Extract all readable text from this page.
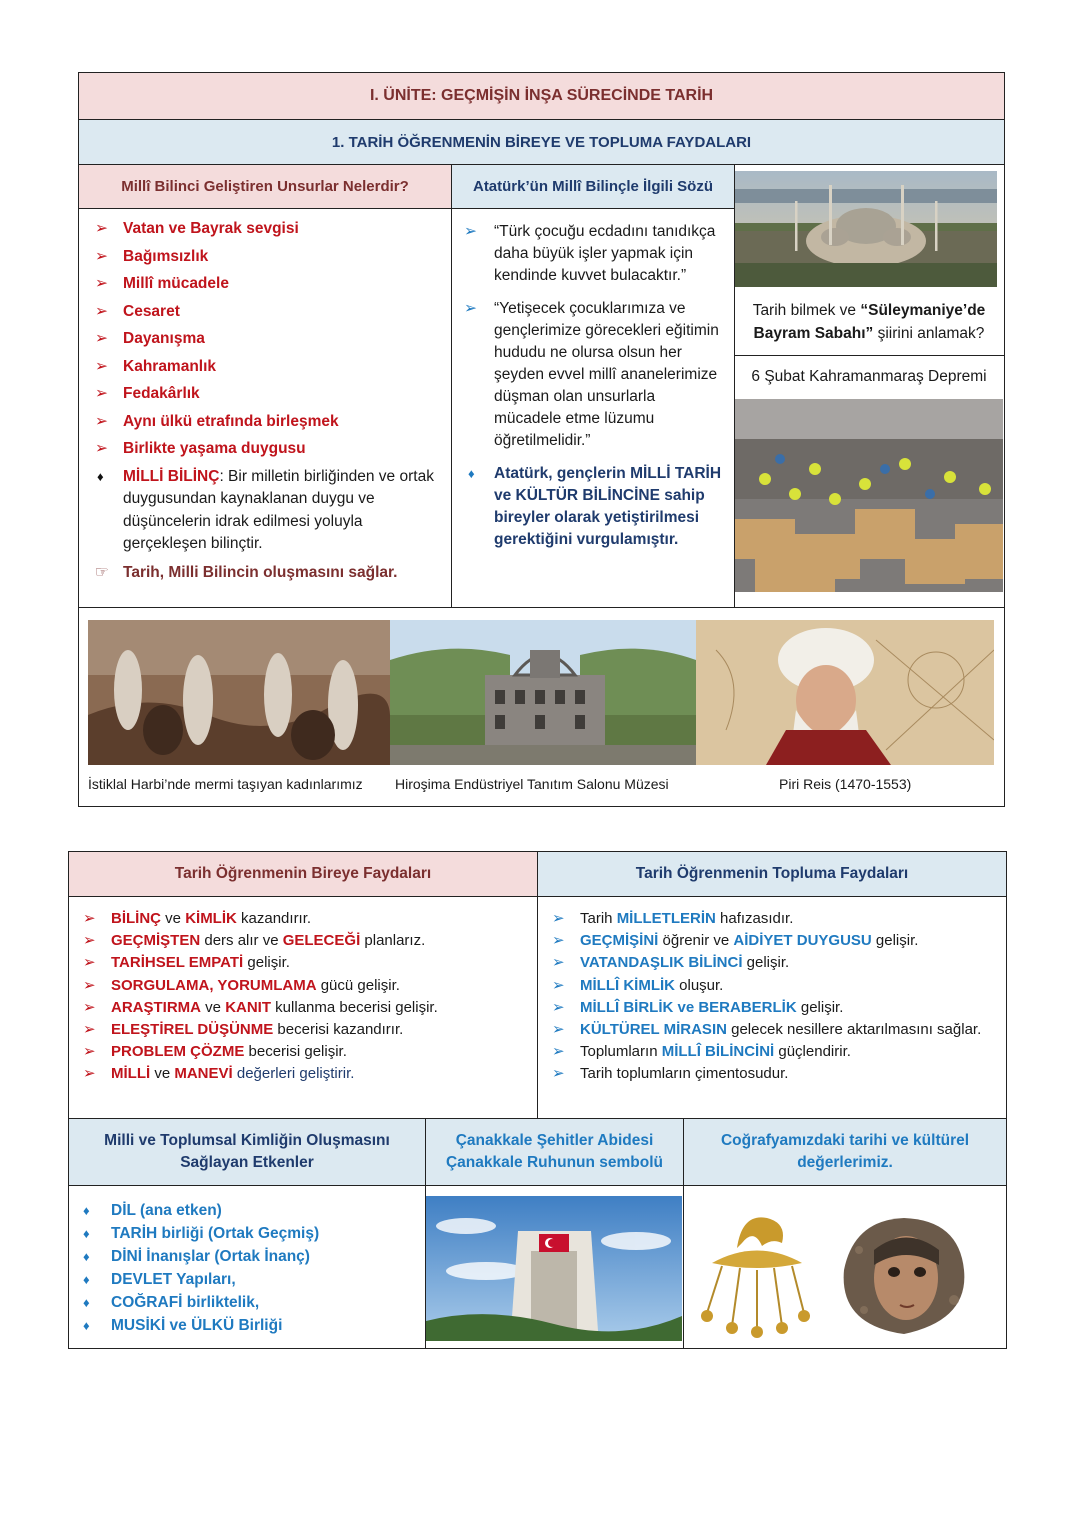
I. ÜNİTE: GEÇMİŞİN İNŞA SÜRECİNDE TARİH
1. TARİH ÖĞRENMENİN BİREYE VE TOPLUMA FAYDALARI
Millî Bilinci Geliştiren Unsurlar Nelerdir?
➢ Vatan ve Bayrak sevgisi
➢ Bağımsızlık
➢ Millî mücadele
➢ Cesaret
➢ Dayanışma
➢ Kahramanlık
➢ Fedakârlık
➢ Aynı ülkü etrafında birleşmek
➢ Birlikte yaşama duygusu
♦ MİLLİ BİLİNÇ: Bir milletin birliğinden ve ortak duygusundan kaynaklanan duygu ve düşüncelerin idrak edilmesi yoluyla gerçekleşen bilinçtir.
☞ Tarih, Milli Bilincin oluşmasını sağlar.
Atatürk’ün Millî Bilinçle İlgili Sözü
➢ “Türk çocuğu ecdadını tanıdıkça daha büyük işler yapmak için kendinde kuvvet bulacaktır.”
➢ “Yetişecek çocuklarımıza ve gençlerimize görecekleri eğitimin hududu ne olursa olsun her şeyden evvel millî ananelerimize düşman olan unsurlarla mücadele etme lüzumu öğretilmelidir.”
♦ Atatürk, gençlerin MİLLİ TARİH ve KÜLTÜR BİLİNCİNE sahip bireyler olarak yetiştirilmesi gerektiğini vurgulamıştır.
Tarih bilmek ve “Süleymaniye’de Bayram Sabahı” şiirini anlamak?
6 Şubat Kahramanmaraş Depremi
İstiklal Harbi’nde mermi taşıyan kadınlarımız Hiroşima Endüstriyel Tanıtım Salonu Müzesi	Piri Reis (1470-1553)
Tarih Öğrenmenin Bireye Faydaları	Tarih Öğrenmenin Topluma Faydaları
➢ BİLİNÇ ve KİMLİK kazandırır.
➢ GEÇMİŞTEN ders alır ve GELECEĞİ planlarız.
➢ TARİHSEL EMPATİ gelişir.
➢ SORGULAMA, YORUMLAMA gücü gelişir.
➢ ARAŞTIRMA ve KANIT kullanma becerisi gelişir.
➢ ELEŞTİREL DÜŞÜNME becerisi kazandırır.
➢ PROBLEM ÇÖZME becerisi gelişir.
➢ MİLLİ ve MANEVİ değerleri geliştirir.
➢ Tarih MİLLETLERİN hafızasıdır.
➢ GEÇMİŞİNİ öğrenir ve AİDİYET DUYGUSU gelişir.
➢ VATANDAŞLIK BİLİNCİ gelişir.
➢ MİLLÎ KİMLİK oluşur.
➢ MİLLÎ BİRLİK ve BERABERLİK gelişir.
➢ KÜLTÜREL MİRASIN gelecek nesillere aktarılmasını sağlar.
➢ Toplumların MİLLÎ BİLİNCİNİ güçlendirir.
➢ Tarih toplumların çimentosudur.
Milli ve Toplumsal Kimliğin Oluşmasını Sağlayan Etkenler
Çanakkale Şehitler Abidesi Çanakkale Ruhunun sembolü
Coğrafyamızdaki tarihi ve kültürel değerlerimiz.
♦ DİL (ana etken)
♦ TARİH birliği (Ortak Geçmiş)
♦ DİNİ İnanışlar (Ortak İnanç)
♦ DEVLET Yapıları,
♦ COĞRAFİ birliktelik,
♦ MUSİKİ ve ÜLKÜ Birliği
